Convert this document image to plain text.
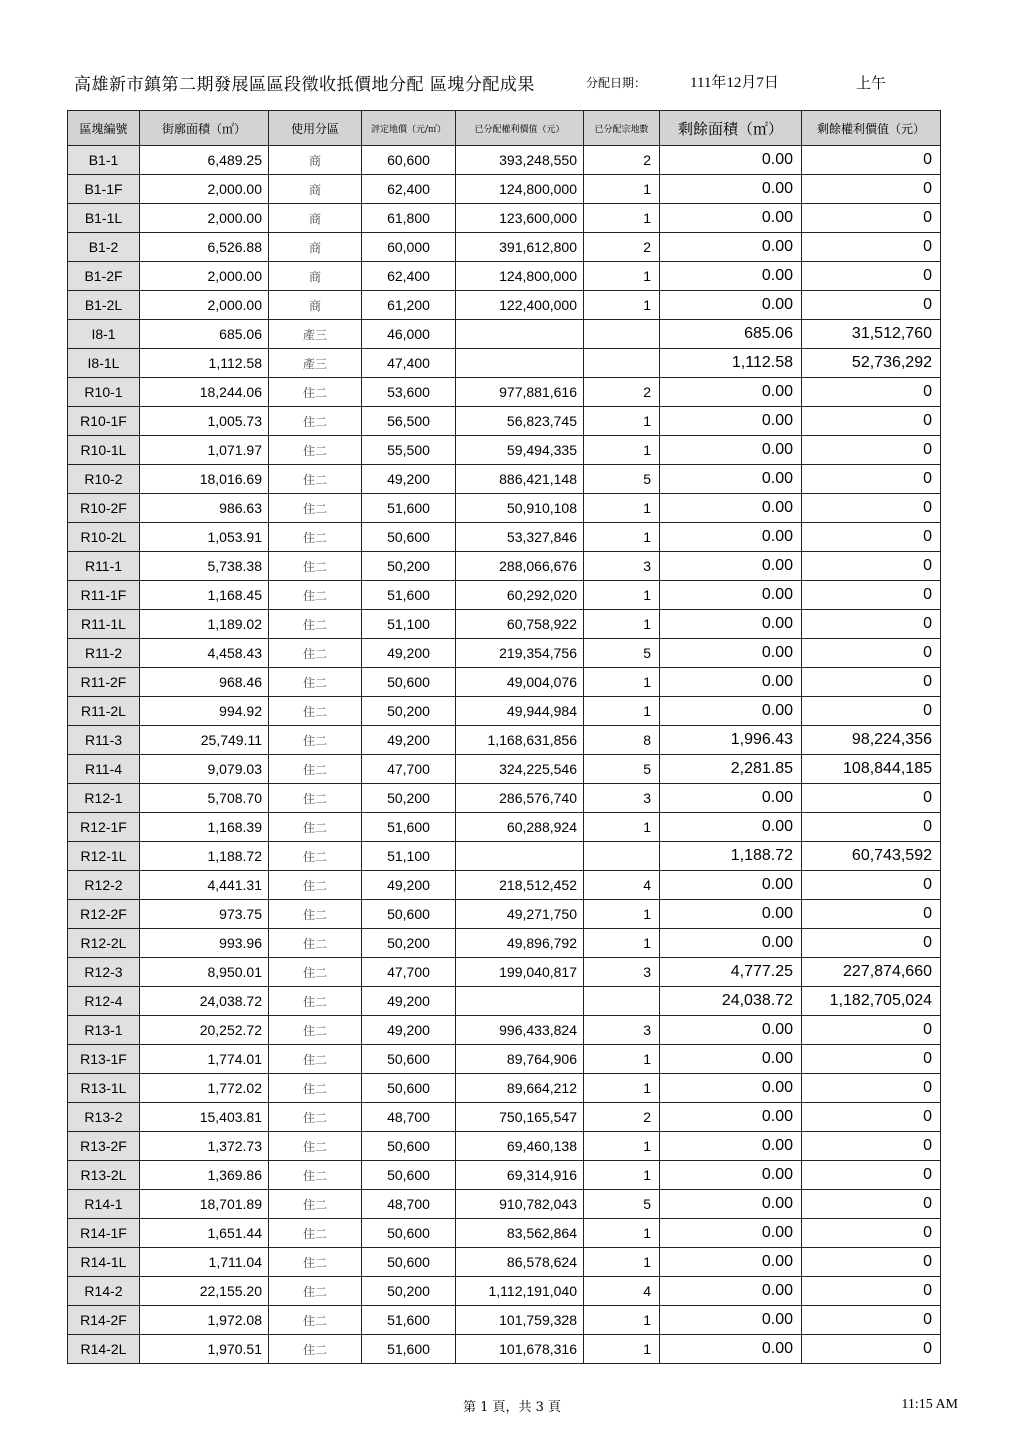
高雄新市鎮第二期發展區區段徵收抵價地分配 區塊分配成果	分配日期：	111年12月7日	上午
區塊編號	街廓面積（㎡）	使用分區	評定地價（元/㎡）	已分配權利價值（元）	已分配宗地數	剩餘面積（㎡）	剩餘權利價值（元）
B1-1	6,489.25	商	60,600	393,248,550	2	0.00	0
B1-1F	2,000.00	商	62,400	124,800,000	1	0.00	0
B1-1L	2,000.00	商	61,800	123,600,000	1	0.00	0
B1-2	6,526.88	商	60,000	391,612,800	2	0.00	0
B1-2F	2,000.00	商	62,400	124,800,000	1	0.00	0
B1-2L	2,000.00	商	61,200	122,400,000	1	0.00	0
I8-1	685.06	產三	46,000			685.06	31,512,760
I8-1L	1,112.58	產三	47,400			1,112.58	52,736,292
R10-1	18,244.06	住二	53,600	977,881,616	2	0.00	0
R10-1F	1,005.73	住二	56,500	56,823,745	1	0.00	0
R10-1L	1,071.97	住二	55,500	59,494,335	1	0.00	0
R10-2	18,016.69	住二	49,200	886,421,148	5	0.00	0
R10-2F	986.63	住二	51,600	50,910,108	1	0.00	0
R10-2L	1,053.91	住二	50,600	53,327,846	1	0.00	0
R11-1	5,738.38	住二	50,200	288,066,676	3	0.00	0
R11-1F	1,168.45	住二	51,600	60,292,020	1	0.00	0
R11-1L	1,189.02	住二	51,100	60,758,922	1	0.00	0
R11-2	4,458.43	住二	49,200	219,354,756	5	0.00	0
R11-2F	968.46	住二	50,600	49,004,076	1	0.00	0
R11-2L	994.92	住二	50,200	49,944,984	1	0.00	0
R11-3	25,749.11	住二	49,200	1,168,631,856	8	1,996.43	98,224,356
R11-4	9,079.03	住二	47,700	324,225,546	5	2,281.85	108,844,185
R12-1	5,708.70	住二	50,200	286,576,740	3	0.00	0
R12-1F	1,168.39	住二	51,600	60,288,924	1	0.00	0
R12-1L	1,188.72	住二	51,100			1,188.72	60,743,592
R12-2	4,441.31	住二	49,200	218,512,452	4	0.00	0
R12-2F	973.75	住二	50,600	49,271,750	1	0.00	0
R12-2L	993.96	住二	50,200	49,896,792	1	0.00	0
R12-3	8,950.01	住二	47,700	199,040,817	3	4,777.25	227,874,660
R12-4	24,038.72	住二	49,200			24,038.72	1,182,705,024
R13-1	20,252.72	住二	49,200	996,433,824	3	0.00	0
R13-1F	1,774.01	住二	50,600	89,764,906	1	0.00	0
R13-1L	1,772.02	住二	50,600	89,664,212	1	0.00	0
R13-2	15,403.81	住二	48,700	750,165,547	2	0.00	0
R13-2F	1,372.73	住二	50,600	69,460,138	1	0.00	0
R13-2L	1,369.86	住二	50,600	69,314,916	1	0.00	0
R14-1	18,701.89	住二	48,700	910,782,043	5	0.00	0
R14-1F	1,651.44	住二	50,600	83,562,864	1	0.00	0
R14-1L	1,711.04	住二	50,600	86,578,624	1	0.00	0
R14-2	22,155.20	住二	50,200	1,112,191,040	4	0.00	0
R14-2F	1,972.08	住二	51,600	101,759,328	1	0.00	0
R14-2L	1,970.51	住二	51,600	101,678,316	1	0.00	0
第 1 頁，共 3 頁	11:15 AM
